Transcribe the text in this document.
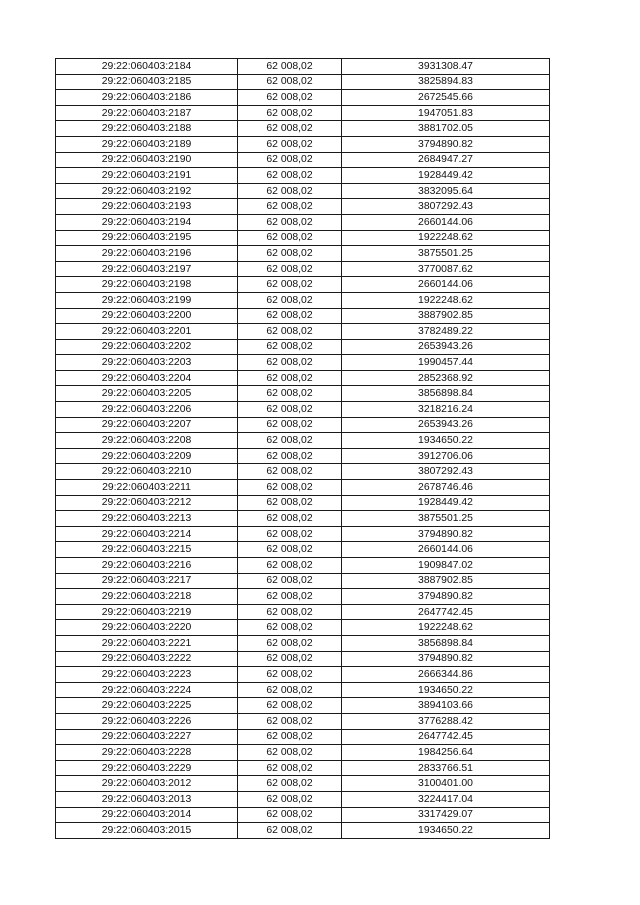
29:22:060403:2184	62 008,02	3931308.47
29:22:060403:2185	62 008,02	3825894.83
29:22:060403:2186	62 008,02	2672545.66
29:22:060403:2187	62 008,02	1947051.83
29:22:060403:2188	62 008,02	3881702.05
29:22:060403:2189	62 008,02	3794890.82
29:22:060403:2190	62 008,02	2684947.27
29:22:060403:2191	62 008,02	1928449.42
29:22:060403:2192	62 008,02	3832095.64
29:22:060403:2193	62 008,02	3807292.43
29:22:060403:2194	62 008,02	2660144.06
29:22:060403:2195	62 008,02	1922248.62
29:22:060403:2196	62 008,02	3875501.25
29:22:060403:2197	62 008,02	3770087.62
29:22:060403:2198	62 008,02	2660144.06
29:22:060403:2199	62 008,02	1922248.62
29:22:060403:2200	62 008,02	3887902.85
29:22:060403:2201	62 008,02	3782489.22
29:22:060403:2202	62 008,02	2653943.26
29:22:060403:2203	62 008,02	1990457.44
29:22:060403:2204	62 008,02	2852368.92
29:22:060403:2205	62 008,02	3856898.84
29:22:060403:2206	62 008,02	3218216.24
29:22:060403:2207	62 008,02	2653943.26
29:22:060403:2208	62 008,02	1934650.22
29:22:060403:2209	62 008,02	3912706.06
29:22:060403:2210	62 008,02	3807292.43
29:22:060403:2211	62 008,02	2678746.46
29:22:060403:2212	62 008,02	1928449.42
29:22:060403:2213	62 008,02	3875501.25
29:22:060403:2214	62 008,02	3794890.82
29:22:060403:2215	62 008,02	2660144.06
29:22:060403:2216	62 008,02	1909847.02
29:22:060403:2217	62 008,02	3887902.85
29:22:060403:2218	62 008,02	3794890.82
29:22:060403:2219	62 008,02	2647742.45
29:22:060403:2220	62 008,02	1922248.62
29:22:060403:2221	62 008,02	3856898.84
29:22:060403:2222	62 008,02	3794890.82
29:22:060403:2223	62 008,02	2666344.86
29:22:060403:2224	62 008,02	1934650.22
29:22:060403:2225	62 008,02	3894103.66
29:22:060403:2226	62 008,02	3776288.42
29:22:060403:2227	62 008,02	2647742.45
29:22:060403:2228	62 008,02	1984256.64
29:22:060403:2229	62 008,02	2833766.51
29:22:060403:2012	62 008,02	3100401.00
29:22:060403:2013	62 008,02	3224417.04
29:22:060403:2014	62 008,02	3317429.07
29:22:060403:2015	62 008,02	1934650.22
